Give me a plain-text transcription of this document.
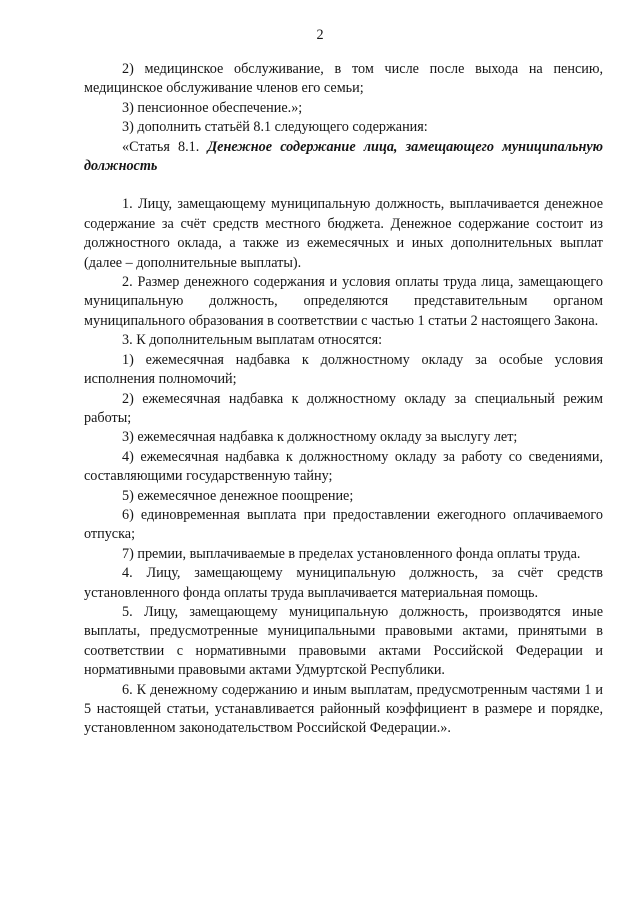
2

2) медицинское обслуживание, в том числе после выхода на пенсию, медицинское обслуживание членов его семьи;

3) пенсионное обеспечение.»;

3) дополнить статьёй 8.1 следующего содержания:

«Статья 8.1. Денежное содержание лица, замещающего муниципальную должность

1. Лицу, замещающему муниципальную должность, выплачивается денежное содержание за счёт средств местного бюджета. Денежное содержание состоит из должностного оклада, а также из ежемесячных и иных дополнительных выплат (далее – дополнительные выплаты).

2. Размер денежного содержания и условия оплаты труда лица, замещающего муниципальную должность, определяются представительным органом муниципального образования в соответствии с частью 1 статьи 2 настоящего Закона.

3. К дополнительным выплатам относятся:

1) ежемесячная надбавка к должностному окладу за особые условия исполнения полномочий;

2) ежемесячная надбавка к должностному окладу за специальный режим работы;

3) ежемесячная надбавка к должностному окладу за выслугу лет;

4) ежемесячная надбавка к должностному окладу за работу со сведениями, составляющими государственную тайну;

5) ежемесячное денежное поощрение;

6) единовременная выплата при предоставлении ежегодного оплачиваемого отпуска;

7) премии, выплачиваемые в пределах установленного фонда оплаты труда.

4. Лицу, замещающему муниципальную должность, за счёт средств установленного фонда оплаты труда выплачивается материальная помощь.

5. Лицу, замещающему муниципальную должность, производятся иные выплаты, предусмотренные муниципальными правовыми актами, принятыми в соответствии с нормативными правовыми актами Российской Федерации и нормативными правовыми актами Удмуртской Республики.

6. К денежному содержанию и иным выплатам, предусмотренным частями 1 и 5 настоящей статьи, устанавливается районный коэффициент в размере и порядке, установленном законодательством Российской Федерации.».
